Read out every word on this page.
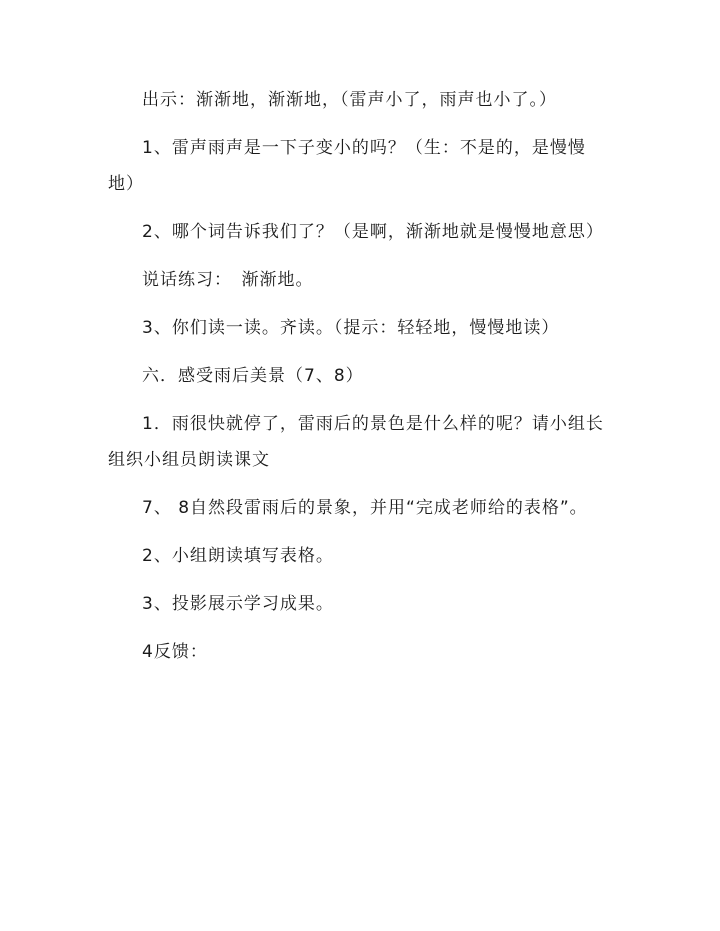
出示：渐渐地，渐渐地，（雷声小了，雨声也小了。）

1、雷声雨声是一下子变小的吗？（生：不是的，是慢慢地）

2、哪个词告诉我们了？（是啊，渐渐地就是慢慢地意思）

说话练习：　渐渐地。

3、你们读一读。齐读。（提示：轻轻地，慢慢地读）

六．感受雨后美景（7、8）

1．雨很快就停了，雷雨后的景色是什么样的呢？请小组长组织小组员朗读课文

7、 8自然段雷雨后的景象，并用“完成老师给的表格”。

2、小组朗读填写表格。

3、投影展示学习成果。

4反馈：
